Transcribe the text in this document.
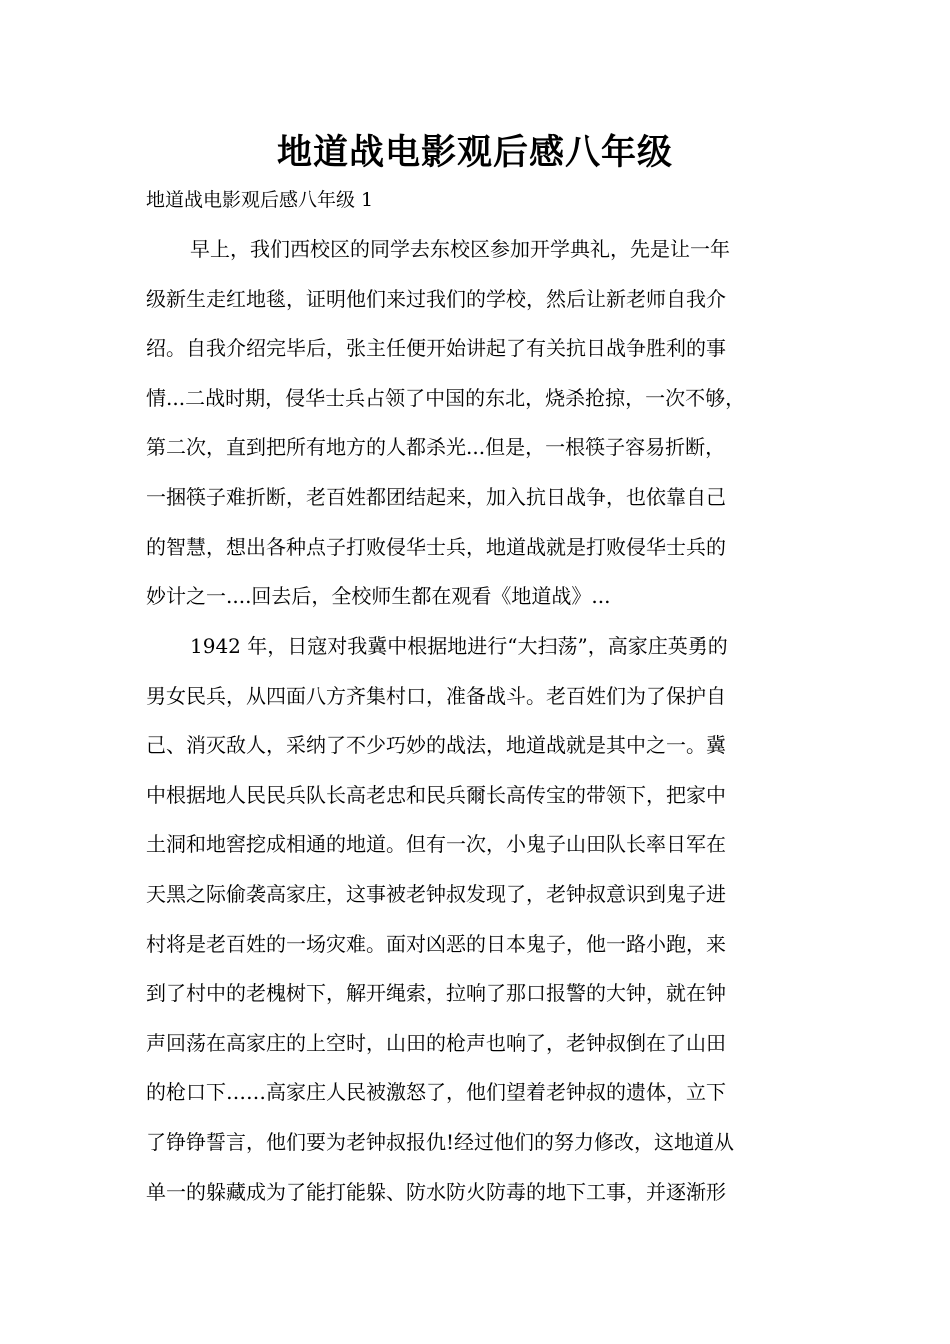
地道战电影观后感八年级
地道战电影观后感八年级 1
早上，我们西校区的同学去东校区参加开学典礼，先是让一年
级新生走红地毯，证明他们来过我们的学校，然后让新老师自我介
绍。自我介绍完毕后，张主任便开始讲起了有关抗日战争胜利的事
情...二战时期，侵华士兵占领了中国的东北，烧杀抢掠，一次不够，
第二次，直到把所有地方的人都杀光...但是，一根筷子容易折断，
一捆筷子难折断，老百姓都团结起来，加入抗日战争，也依靠自己
的智慧，想出各种点子打败侵华士兵，地道战就是打败侵华士兵的
妙计之一....回去后，全校师生都在观看《地道战》...
1942 年，日寇对我冀中根据地进行“大扫荡”，高家庄英勇的
男女民兵，从四面八方齐集村口，准备战斗。老百姓们为了保护自
己、消灭敌人，采纳了不少巧妙的战法，地道战就是其中之一。冀
中根据地人民民兵队长高老忠和民兵爾长高传宝的带领下，把家中
土洞和地窖挖成相通的地道。但有一次，小鬼子山田队长率日军在
天黑之际偷袭高家庄，这事被老钟叔发现了，老钟叔意识到鬼子进
村将是老百姓的一场灾难。面对凶恶的日本鬼子，他一路小跑，来
到了村中的老槐树下，解开绳索，拉响了那口报警的大钟，就在钟
声回荡在高家庄的上空时，山田的枪声也响了，老钟叔倒在了山田
的枪口下……高家庄人民被激怒了，他们望着老钟叔的遗体，立下
了铮铮誓言，他们要为老钟叔报仇!经过他们的努力修改，这地道从
单一的躲藏成为了能打能躲、防水防火防毒的地下工事，并逐渐形
